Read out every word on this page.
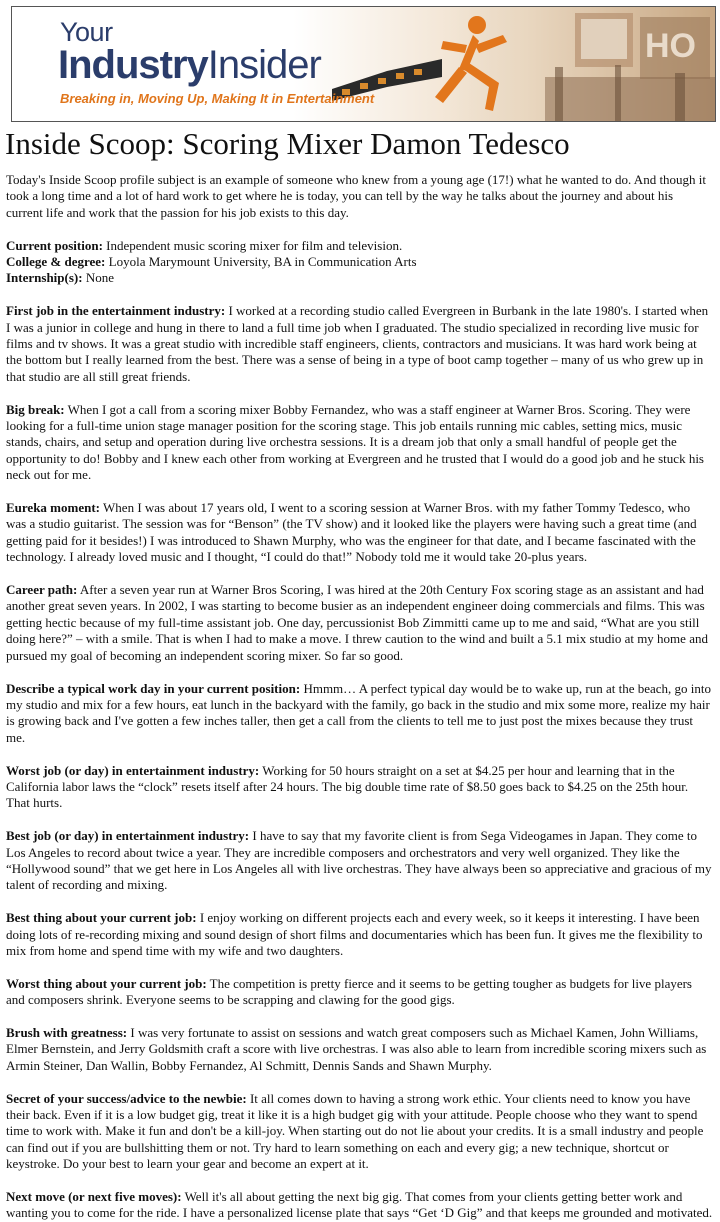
HO
Your
IndustryInsider
Breaking in, Moving Up, Making It in Entertainment
Inside Scoop: Scoring Mixer Damon Tedesco

Today's Inside Scoop profile subject is an example of someone who knew from a young age (17!) what he wanted to do. And though it took a long time and a lot of hard work to get where he is today, you can tell by the way he talks about the journey and about his current life and work that the passion for his job exists to this day.

Current position: Independent music scoring mixer for film and television.

College & degree: Loyola Marymount University, BA in Communication Arts

Internship(s): None

First job in the entertainment industry: I worked at a recording studio called Evergreen in Burbank in the late 1980's. I started when I was a junior in college and hung in there to land a full time job when I graduated. The studio specialized in recording live music for films and tv shows. It was a great studio with incredible staff engineers, clients, contractors and musicians. It was hard work being at the bottom but I really learned from the best. There was a sense of being in a type of boot camp together – many of us who grew up in that studio are all still great friends.

Big break: When I got a call from a scoring mixer Bobby Fernandez, who was a staff engineer at Warner Bros. Scoring. They were looking for a full-time union stage manager position for the scoring stage. This job entails running mic cables, setting mics, music stands, chairs, and setup and operation during live orchestra sessions. It is a dream job that only a small handful of people get the opportunity to do! Bobby and I knew each other from working at Evergreen and he trusted that I would do a good job and he stuck his neck out for me.

Eureka moment: When I was about 17 years old, I went to a scoring session at Warner Bros. with my father Tommy Tedesco, who was a studio guitarist. The session was for “Benson” (the TV show) and it looked like the players were having such a great time (and getting paid for it besides!) I was introduced to Shawn Murphy, who was the engineer for that date, and I became fascinated with the technology. I already loved music and I thought, “I could do that!” Nobody told me it would take 20-plus years.

Career path: After a seven year run at Warner Bros Scoring, I was hired at the 20th Century Fox scoring stage as an assistant and had another great seven years. In 2002, I was starting to become busier as an independent engineer doing commercials and films. This was getting hectic because of my full-time assistant job. One day, percussionist Bob Zimmitti came up to me and said, “What are you still doing here?” – with a smile. That is when I had to make a move. I threw caution to the wind and built a 5.1 mix studio at my home and pursued my goal of becoming an independent scoring mixer. So far so good.

Describe a typical work day in your current position: Hmmm… A perfect typical day would be to wake up, run at the beach, go into my studio and mix for a few hours, eat lunch in the backyard with the family, go back in the studio and mix some more, realize my hair is growing back and I've gotten a few inches taller, then get a call from the clients to tell me to just post the mixes because they trust me.

Worst job (or day) in entertainment industry: Working for 50 hours straight on a set at $4.25 per hour and learning that in the California labor laws the “clock” resets itself after 24 hours. The big double time rate of $8.50 goes back to $4.25 on the 25th hour. That hurts.

Best job (or day) in entertainment industry: I have to say that my favorite client is from Sega Videogames in Japan. They come to Los Angeles to record about twice a year. They are incredible composers and orchestrators and very well organized. They like the “Hollywood sound” that we get here in Los Angeles all with live orchestras. They have always been so appreciative and gracious of my talent of recording and mixing.

Best thing about your current job: I enjoy working on different projects each and every week, so it keeps it interesting. I have been doing lots of re-recording mixing and sound design of short films and documentaries which has been fun. It gives me the flexibility to mix from home and spend time with my wife and two daughters.

Worst thing about your current job: The competition is pretty fierce and it seems to be getting tougher as budgets for live players and composers shrink. Everyone seems to be scrapping and clawing for the good gigs.

Brush with greatness: I was very fortunate to assist on sessions and watch great composers such as Michael Kamen, John Williams, Elmer Bernstein, and Jerry Goldsmith craft a score with live orchestras. I was also able to learn from incredible scoring mixers such as Armin Steiner, Dan Wallin, Bobby Fernandez, Al Schmitt, Dennis Sands and Shawn Murphy.

Secret of your success/advice to the newbie: It all comes down to having a strong work ethic. Your clients need to know you have their back. Even if it is a low budget gig, treat it like it is a high budget gig with your attitude. People choose who they want to spend time to work with. Make it fun and don't be a kill-joy. When starting out do not lie about your credits. It is a small industry and people can find out if you are bullshitting them or not. Try hard to learn something on each and every gig; a new technique, shortcut or keystroke. Do your best to learn your gear and become an expert at it.

Next move (or next five moves): Well it's all about getting the next big gig. That comes from your clients getting better work and wanting you to come for the ride. I have a personalized license plate that says “Get ‘D Gig” and that keeps me grounded and motivated.
